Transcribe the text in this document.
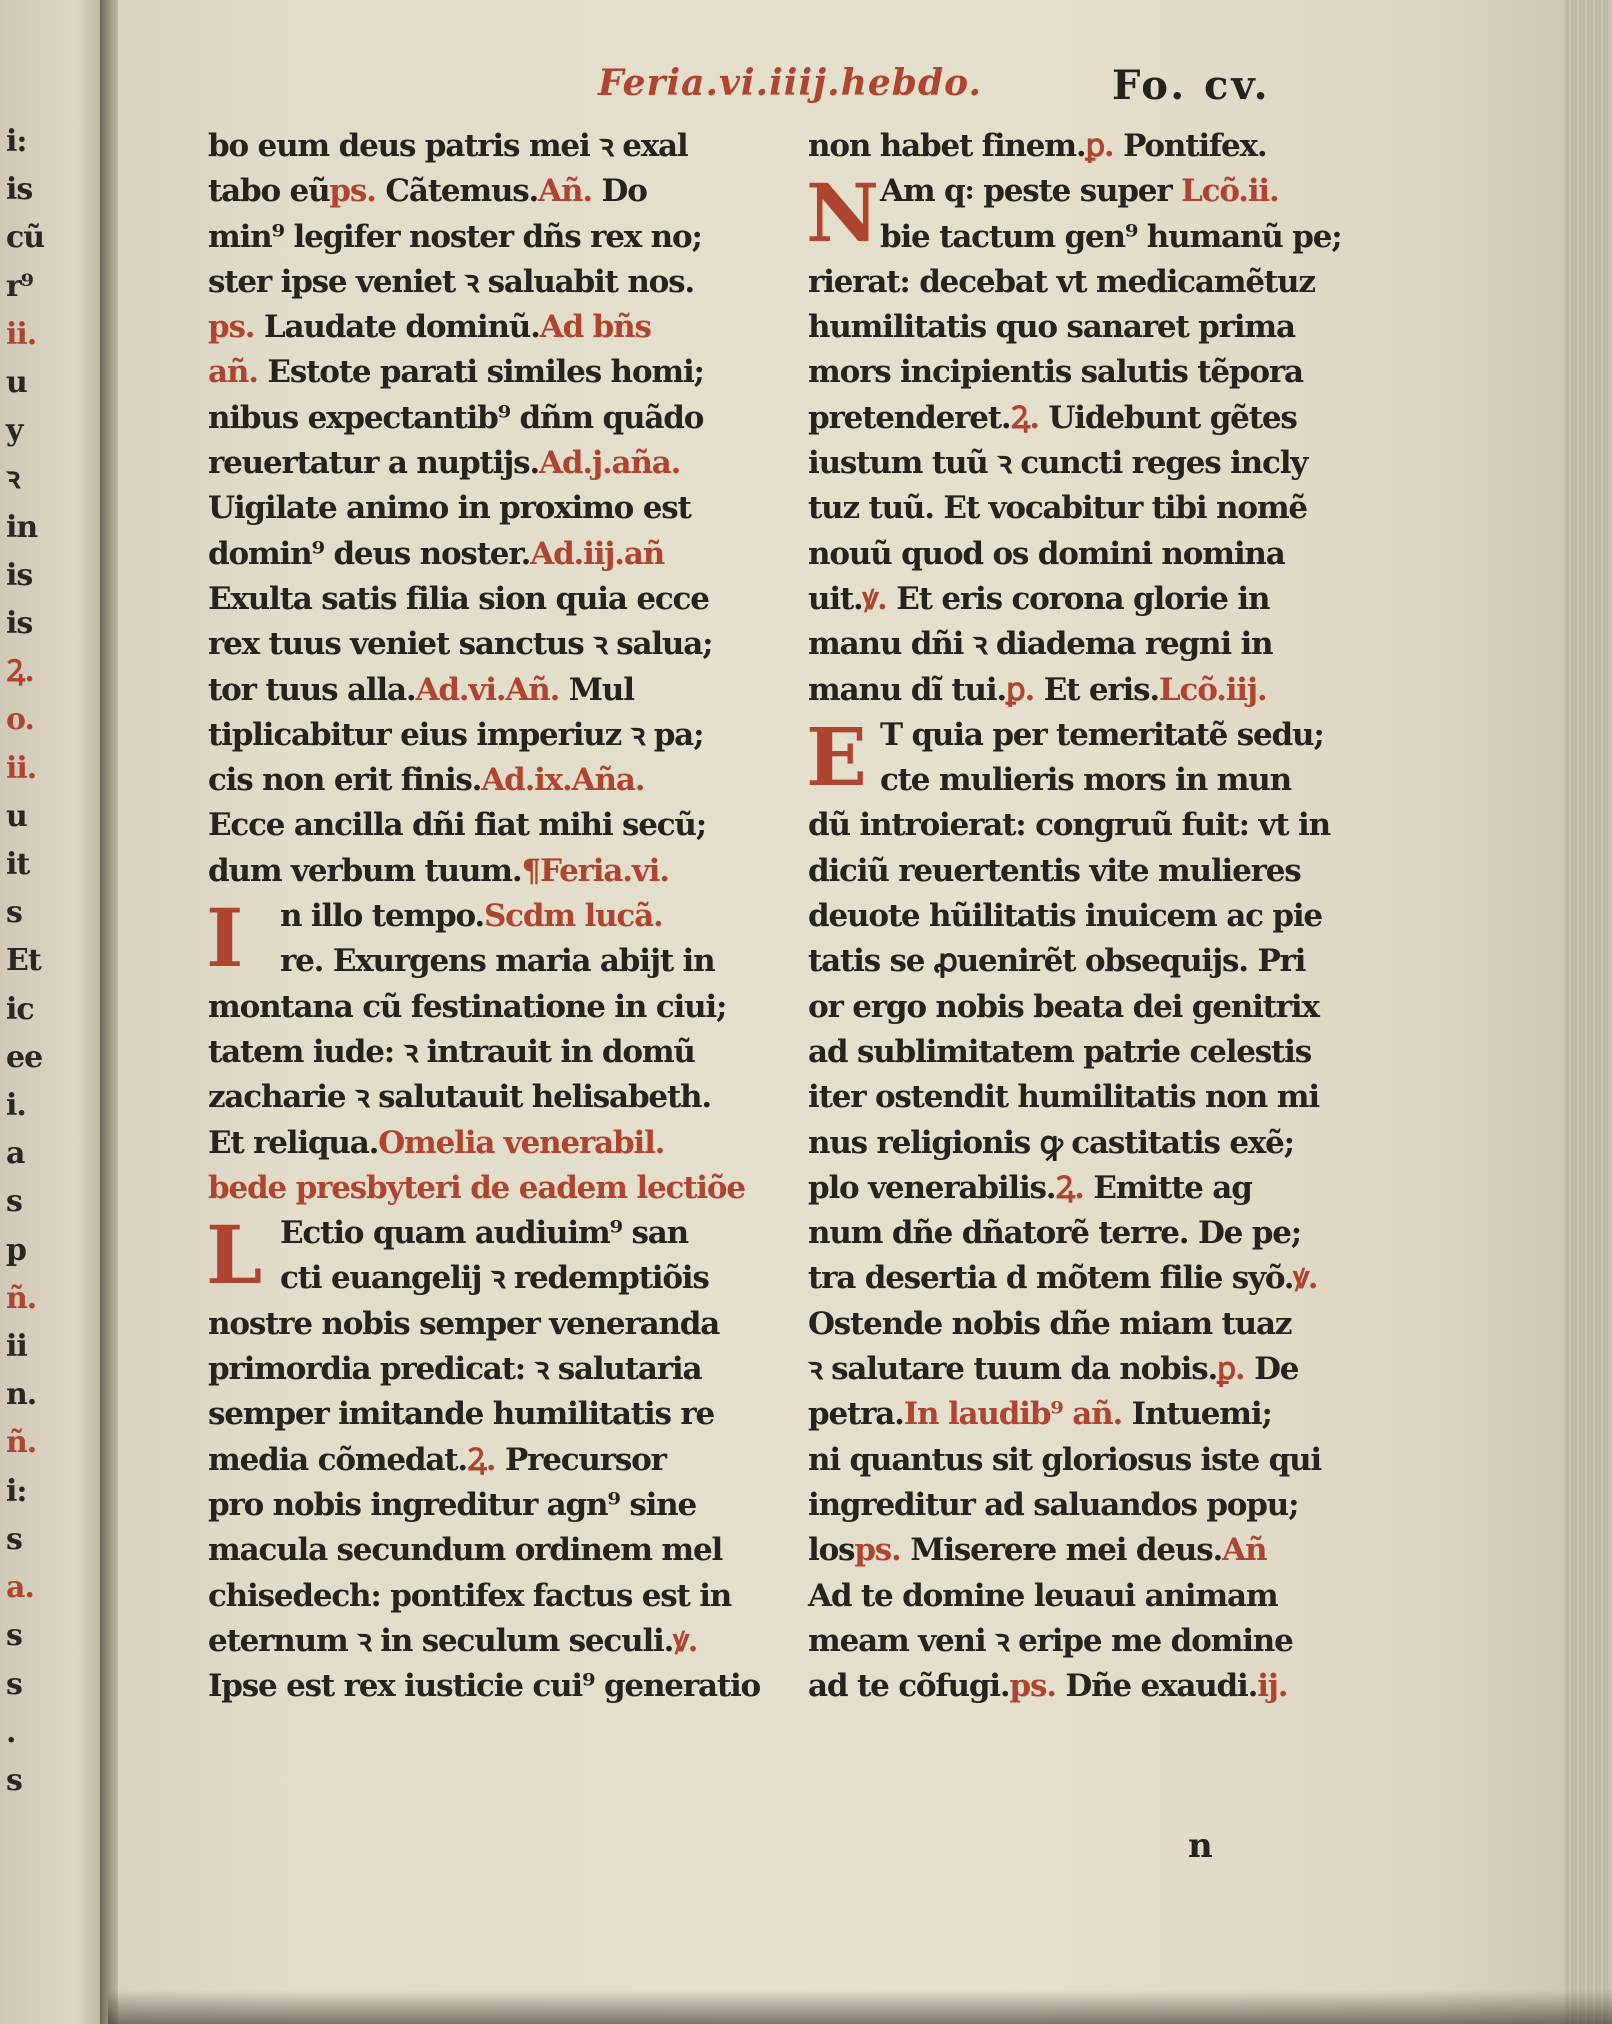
i:
is
cũ
r⁹
ii.
u
y
ꝛ
in
is
is
Ꝝ.
o.
ii.
u
it
s
Et
ic
ee
i.
a
s
p
ñ.
ii
n.
ñ.
i:
s
a.
s
s
.
s
Feria.vi.iiij.hebdo.	Fo. cv.
bo eum deus patris mei ꝛ exal
tabo eũps. Cãtemus.Añ. Do
min⁹ legifer noster dñs rex no;
ster ipse veniet ꝛ saluabit nos.
ps. Laudate dominũ.Ad bñs
añ. Estote parati similes homi;
nibus expectantib⁹ dñm quãdo
reuertatur a nuptijs.Ad.j.aña.
Uigilate animo in proximo est
domin⁹ deus noster.Ad.iij.añ
Exulta satis filia sion quia ecce
rex tuus veniet sanctus ꝛ salua;
tor tuus alla.Ad.vi.Añ. Mul
tiplicabitur eius imperiuz ꝛ pa;
cis non erit finis.Ad.ix.Aña.
Ecce ancilla dñi fiat mihi secũ;
dum verbum tuum.¶Feria.vi.
I n illo tempo.Scdm lucã.
re. Exurgens maria abijt in
montana cũ festinatione in ciui;
tatem iude: ꝛ intrauit in domũ
zacharie ꝛ salutauit helisabeth.
Et reliqua.Omelia venerabil.
bede presbyteri de eadem lectiõe
L Ectio quam audiuim⁹ san
cti euangelij ꝛ redemptiõis
nostre nobis semper veneranda
primordia predicat: ꝛ salutaria
semper imitande humilitatis re
media cõmedat.Ꝝ. Precursor
pro nobis ingreditur agn⁹ sine
macula secundum ordinem mel
chisedech: pontifex factus est in
eternum ꝛ in seculum seculi.ꝟ.
Ipse est rex iusticie cui⁹ generatio
non habet finem.ꝑ. Pontifex.
N Am q꞉ peste super Lcõ.ii.
bie tactum gen⁹ humanũ pe;
rierat: decebat vt medicamẽtuz
humilitatis quo sanaret prima
mors incipientis salutis tẽpora
pretenderet.Ꝝ. Uidebunt gẽtes
iustum tuũ ꝛ cuncti reges incly
tuz tuũ. Et vocabitur tibi nomẽ
nouũ quod os domini nomina
uit.ꝟ. Et eris corona glorie in
manu dñi ꝛ diadema regni in
manu dĩ tui.ꝑ. Et eris.Lcõ.iij.
E T quia per temeritatẽ sedu;
cte mulieris mors in mun
dũ introierat: congruũ fuit: vt in
diciũ reuertentis vite mulieres
deuote hũilitatis inuicem ac pie
tatis se ꝓuenirẽt obsequijs. Pri
or ergo nobis beata dei genitrix
ad sublimitatem patrie celestis
iter ostendit humilitatis non mi
nus religionis ꝙ castitatis exẽ;
plo venerabilis.Ꝝ. Emitte ag
num dñe dñatorẽ terre. De pe;
tra desertia d mõtem filie syõ.ꝟ.
Ostende nobis dñe miam tuaz
ꝛ salutare tuum da nobis.ꝑ. De
petra.In laudib⁹ añ. Intuemi;
ni quantus sit gloriosus iste qui
ingreditur ad saluandos popu;
losps. Miserere mei deus.Añ
Ad te domine leuaui animam
meam veni ꝛ eripe me domine
ad te cõfugi.ps. Dñe exaudi.ij.
n
